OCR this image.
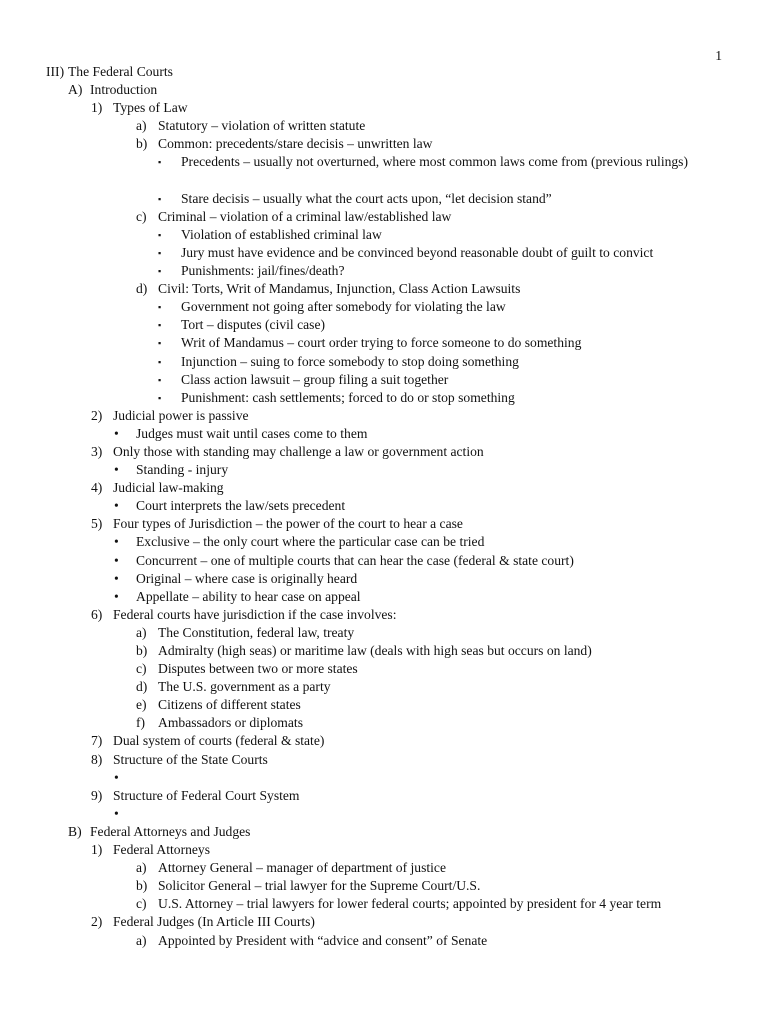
1
III) The Federal Courts
A) Introduction
1) Types of Law
a) Statutory – violation of written statute
b) Common: precedents/stare decisis – unwritten law
▪ Precedents – usually not overturned, where most common laws come from (previous rulings)
▪ Stare decisis – usually what the court acts upon, “let decision stand”
c) Criminal – violation of a criminal law/established law
▪ Violation of established criminal law
▪ Jury must have evidence and be convinced beyond reasonable doubt of guilt to convict
▪ Punishments: jail/fines/death?
d) Civil: Torts, Writ of Mandamus, Injunction, Class Action Lawsuits
▪ Government not going after somebody for violating the law
▪ Tort – disputes (civil case)
▪ Writ of Mandamus – court order trying to force someone to do something
▪ Injunction – suing to force somebody to stop doing something
▪ Class action lawsuit – group filing a suit together
▪ Punishment: cash settlements; forced to do or stop something
2) Judicial power is passive
• Judges must wait until cases come to them
3) Only those with standing may challenge a law or government action
• Standing - injury
4) Judicial law-making
• Court interprets the law/sets precedent
5) Four types of Jurisdiction – the power of the court to hear a case
• Exclusive – the only court where the particular case can be tried
• Concurrent – one of multiple courts that can hear the case (federal & state court)
• Original – where case is originally heard
• Appellate – ability to hear case on appeal
6) Federal courts have jurisdiction if the case involves:
a) The Constitution, federal law, treaty
b) Admiralty (high seas) or maritime law (deals with high seas but occurs on land)
c) Disputes between two or more states
d) The U.S. government as a party
e) Citizens of different states
f) Ambassadors or diplomats
7) Dual system of courts (federal & state)
8) Structure of the State Courts
•
9) Structure of Federal Court System
•
B) Federal Attorneys and Judges
1) Federal Attorneys
a) Attorney General – manager of department of justice
b) Solicitor General – trial lawyer for the Supreme Court/U.S.
c) U.S. Attorney – trial lawyers for lower federal courts; appointed by president for 4 year term
2) Federal Judges (In Article III Courts)
a) Appointed by President with “advice and consent” of Senate
